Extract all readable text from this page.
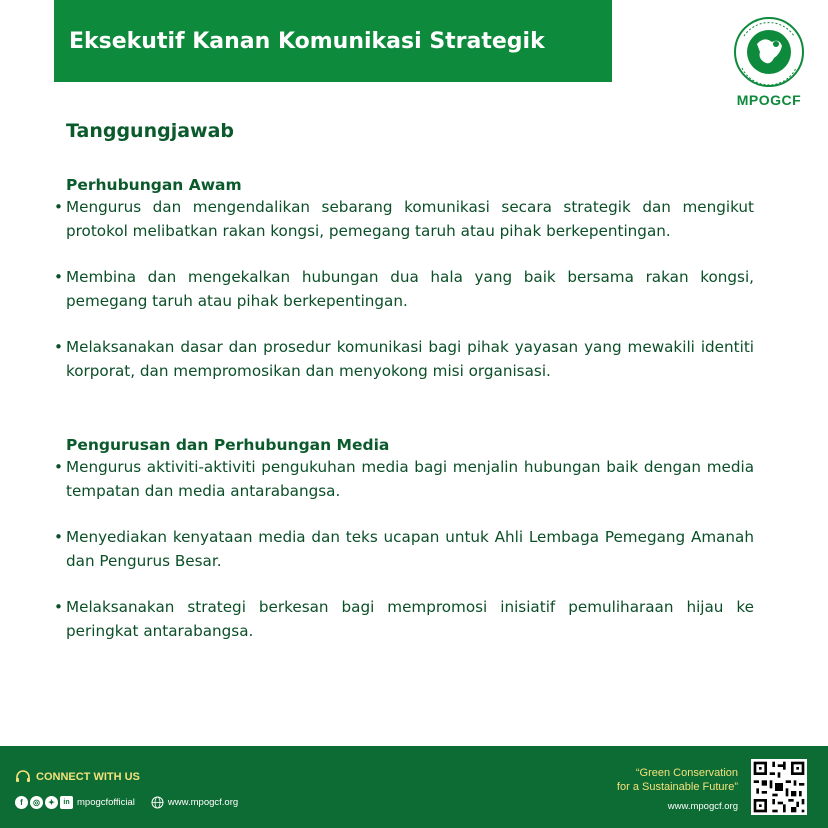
Eksekutif Kanan Komunikasi Strategik
MPOGCF
Tanggungjawab
Perhubungan Awam
• Mengurus dan mengendalikan sebarang komunikasi secara strategik dan mengikut protokol melibatkan rakan kongsi, pemegang taruh atau pihak berkepentingan.
• Membina dan mengekalkan hubungan dua hala yang baik bersama rakan kongsi, pemegang taruh atau pihak berkepentingan.
• Melaksanakan dasar dan prosedur komunikasi bagi pihak yayasan yang mewakili identiti korporat, dan mempromosikan dan menyokong misi organisasi.
Pengurusan dan Perhubungan Media
• Mengurus aktiviti-aktiviti pengukuhan media bagi menjalin hubungan baik dengan media tempatan dan media antarabangsa.
• Menyediakan kenyataan media dan teks ucapan untuk Ahli Lembaga Pemegang Amanah dan Pengurus Besar.
• Melaksanakan strategi berkesan bagi mempromosi inisiatif pemuliharaan hijau ke peringkat antarabangsa.
CONNECT WITH US
f	◎	✦	in mpogcfofficial	www.mpogcf.org
“Green Conservation
for a Sustainable Future”
www.mpogcf.org
